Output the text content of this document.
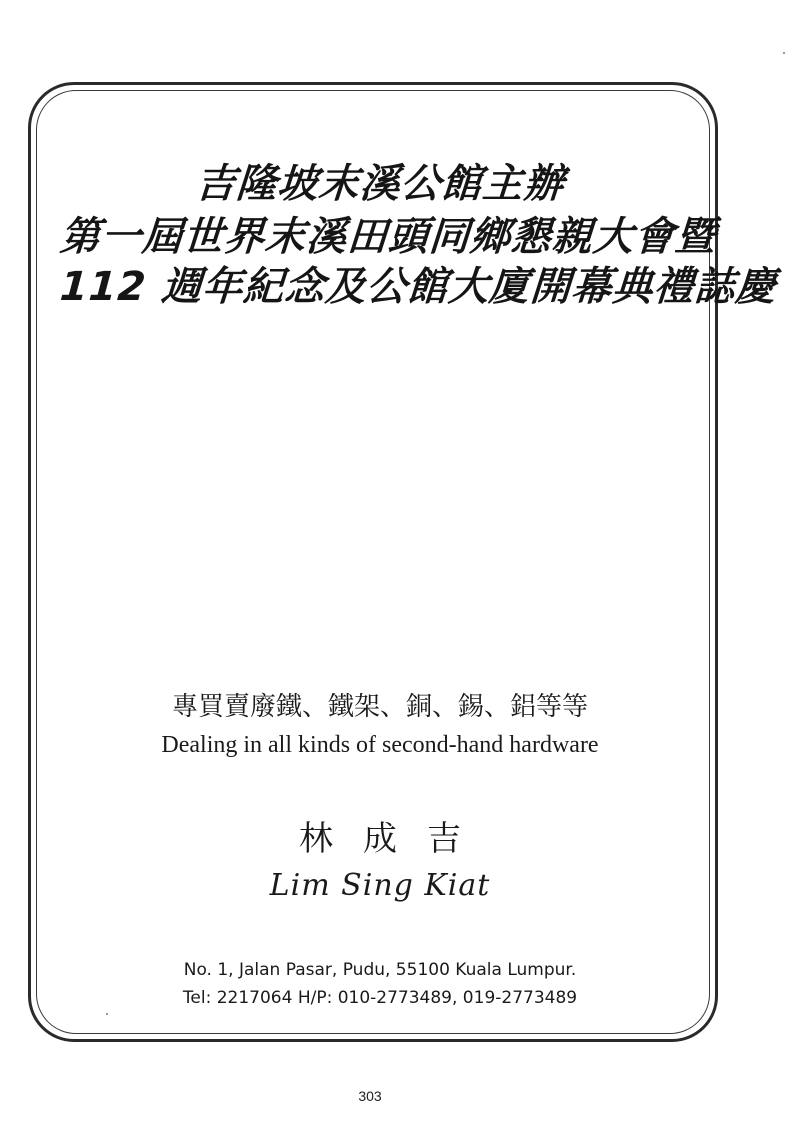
吉隆坡末溪公館主辦
第一屆世界末溪田頭同鄉懇親大會暨
112 週年紀念及公館大廈開幕典禮誌慶
專買賣廢鐵、鐵架、銅、錫、鋁等等
Dealing in all kinds of second-hand hardware
林成吉
Lim Sing Kiat
No. 1, Jalan Pasar, Pudu, 55100 Kuala Lumpur.
Tel: 2217064 H/P: 010-2773489, 019-2773489
303
